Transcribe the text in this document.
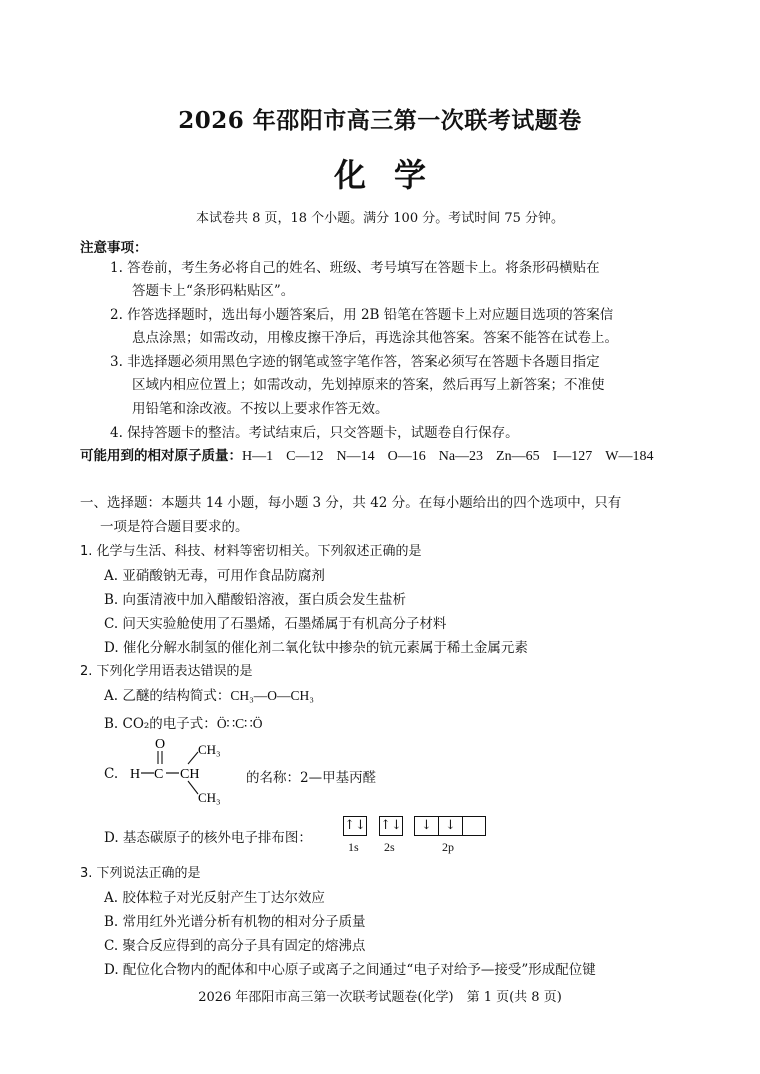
2026 年邵阳市高三第一次联考试题卷
化学
本试卷共 8 页，18 个小题。满分 100 分。考试时间 75 分钟。
注意事项：
1. 答卷前，考生务必将自己的姓名、班级、考号填写在答题卡上。将条形码横贴在
答题卡上“条形码粘贴区”。
2. 作答选择题时，选出每小题答案后，用 2B 铅笔在答题卡上对应题目选项的答案信
息点涂黑；如需改动，用橡皮擦干净后，再选涂其他答案。答案不能答在试卷上。
3. 非选择题必须用黑色字迹的钢笔或签字笔作答，答案必须写在答题卡各题目指定
区域内相应位置上；如需改动，先划掉原来的答案，然后再写上新答案；不准使
用铅笔和涂改液。不按以上要求作答无效。
4. 保持答题卡的整洁。考试结束后，只交答题卡，试题卷自行保存。
可能用到的相对原子质量：H—1 C—12 N—14 O—16 Na—23 Zn—65 I—127 W—184
一、选择题：本题共 14 小题，每小题 3 分，共 42 分。在每小题给出的四个选项中，只有
一项是符合题目要求的。
1. 化学与生活、科技、材料等密切相关。下列叙述正确的是
A. 亚硝酸钠无毒，可用作食品防腐剂
B. 向蛋清液中加入醋酸铅溶液，蛋白质会发生盐析
C. 问天实验舱使用了石墨烯，石墨烯属于有机高分子材料
D. 催化分解水制氢的催化剂二氧化钛中掺杂的钪元素属于稀土金属元素
2. 下列化学用语表达错误的是
A. 乙醚的结构简式：CH₃—O—CH₃
B. CO₂的电子式：Ö∷C∷Ö
C. H C
O
CH
CH₃
CH₃
的名称：2—甲基丙醛
D. 基态碳原子的核外电子排布图：
↑↓ ↑↓	↓	↓
1s 2s	2p
3. 下列说法正确的是
A. 胶体粒子对光反射产生丁达尔效应
B. 常用红外光谱分析有机物的相对分子质量
C. 聚合反应得到的高分子具有固定的熔沸点
D. 配位化合物内的配体和中心原子或离子之间通过“电子对给予—接受”形成配位键
2026 年邵阳市高三第一次联考试题卷(化学)　第 1 页(共 8 页)
